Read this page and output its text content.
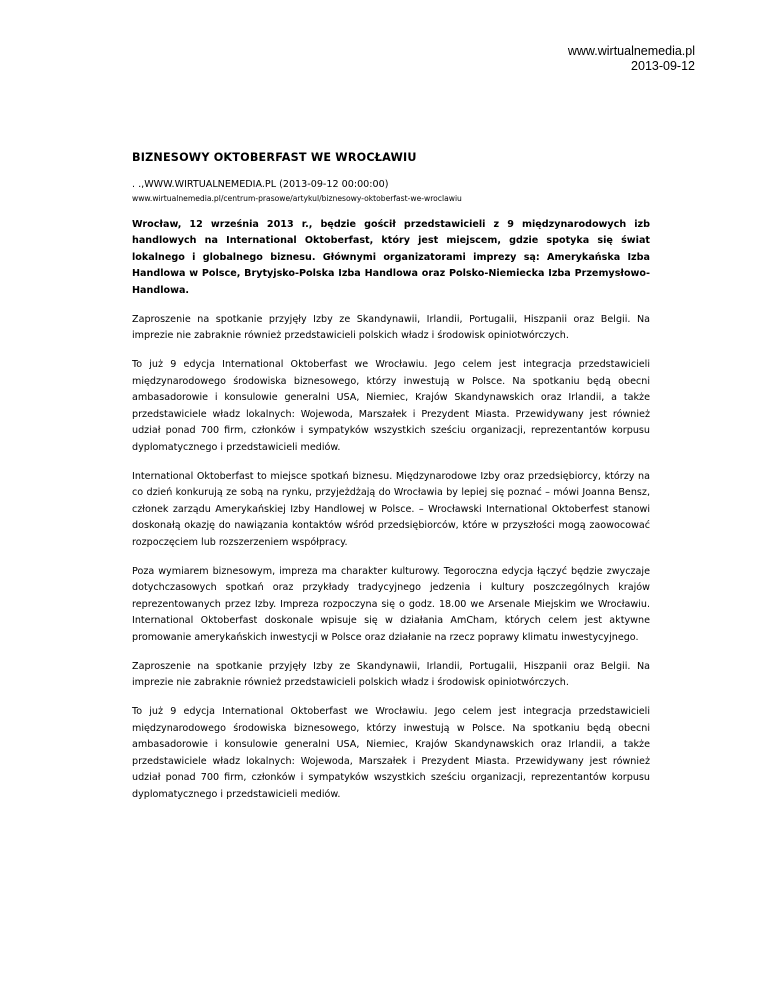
www.wirtualnemedia.pl
2013-09-12
BIZNESOWY OKTOBERFAST WE WROCŁAWIU
. .,WWW.WIRTUALNEMEDIA.PL (2013-09-12 00:00:00)
www.wirtualnemedia.pl/centrum-prasowe/artykul/biznesowy-oktoberfast-we-wroclawiu

Wrocław, 12 września 2013 r., będzie gościł przedstawicieli z 9 międzynarodowych izb handlowych na International Oktoberfast, który jest miejscem, gdzie spotyka się świat lokalnego i globalnego biznesu. Głównymi organizatorami imprezy są: Amerykańska Izba Handlowa w Polsce, Brytyjsko-Polska Izba Handlowa oraz Polsko-Niemiecka Izba Przemysłowo-Handlowa.

Zaproszenie na spotkanie przyjęły Izby ze Skandynawii, Irlandii, Portugalii, Hiszpanii oraz Belgii. Na imprezie nie zabraknie również przedstawicieli polskich władz i środowisk opiniotwórczych.

To już 9 edycja International Oktoberfast we Wrocławiu. Jego celem jest integracja przedstawicieli międzynarodowego środowiska biznesowego, którzy inwestują w Polsce. Na spotkaniu będą obecni ambasadorowie i konsulowie generalni USA, Niemiec, Krajów Skandynawskich oraz Irlandii, a także przedstawiciele władz lokalnych: Wojewoda, Marszałek i Prezydent Miasta. Przewidywany jest również udział ponad 700 firm, członków i sympatyków wszystkich sześciu organizacji, reprezentantów korpusu dyplomatycznego i przedstawicieli mediów.

International Oktoberfast to miejsce spotkań biznesu. Międzynarodowe Izby oraz przedsiębiorcy, którzy na co dzień konkurują ze sobą na rynku, przyjeżdżają do Wrocławia by lepiej się poznać – mówi Joanna Bensz, członek zarządu Amerykańskiej Izby Handlowej w Polsce. – Wrocławski International Oktoberfest stanowi doskonałą okazję do nawiązania kontaktów wśród przedsiębiorców, które w przyszłości mogą zaowocować rozpoczęciem lub rozszerzeniem współpracy.

Poza wymiarem biznesowym, impreza ma charakter kulturowy. Tegoroczna edycja łączyć będzie zwyczaje dotychczasowych spotkań oraz przykłady tradycyjnego jedzenia i kultury poszczególnych krajów reprezentowanych przez Izby. Impreza rozpoczyna się o godz. 18.00 we Arsenale Miejskim we Wrocławiu. International Oktoberfast doskonale wpisuje się w działania AmCham, których celem jest aktywne promowanie amerykańskich inwestycji w Polsce oraz działanie na rzecz poprawy klimatu inwestycyjnego.

Zaproszenie na spotkanie przyjęły Izby ze Skandynawii, Irlandii, Portugalii, Hiszpanii oraz Belgii. Na imprezie nie zabraknie również przedstawicieli polskich władz i środowisk opiniotwórczych.

To już 9 edycja International Oktoberfast we Wrocławiu. Jego celem jest integracja przedstawicieli międzynarodowego środowiska biznesowego, którzy inwestują w Polsce. Na spotkaniu będą obecni ambasadorowie i konsulowie generalni USA, Niemiec, Krajów Skandynawskich oraz Irlandii, a także przedstawiciele władz lokalnych: Wojewoda, Marszałek i Prezydent Miasta. Przewidywany jest również udział ponad 700 firm, członków i sympatyków wszystkich sześciu organizacji, reprezentantów korpusu dyplomatycznego i przedstawicieli mediów.
